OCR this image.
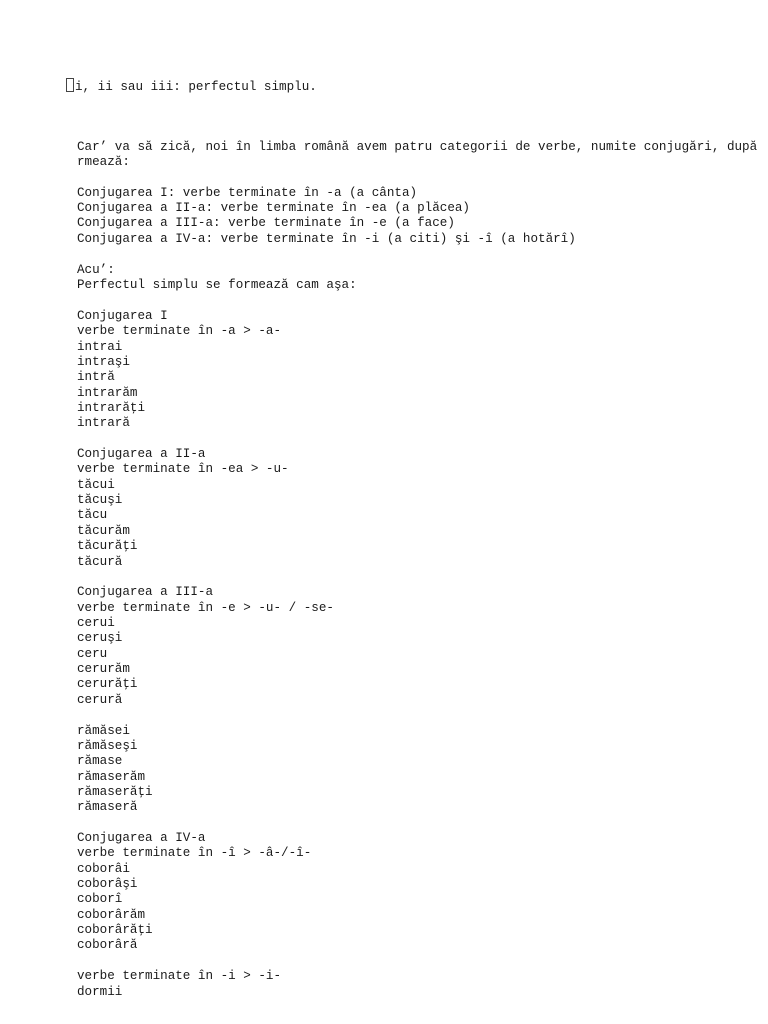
i, ii sau iii: perfectul simplu.
Car’ va să zică, noi în limba română avem patru categorii de verbe, numite conjugări, după
rmează:
Conjugarea I: verbe terminate în -a (a cânta)
Conjugarea a II-a: verbe terminate în -ea (a plăcea)
Conjugarea a III-a: verbe terminate în -e (a face)
Conjugarea a IV-a: verbe terminate în -i (a citi) şi -î (a hotărî)
Acu’:
Perfectul simplu se formează cam aşa:
Conjugarea I
verbe terminate în -a > -a-
intrai
intraşi
intră
intrarăm
intrarăţi
intrară
Conjugarea a II-a
verbe terminate în -ea > -u-
tăcui
tăcuşi
tăcu
tăcurăm
tăcurăţi
tăcură
Conjugarea a III-a
verbe terminate în -e > -u- / -se-
cerui
ceruşi
ceru
cerurăm
cerurăţi
cerură
rămăsei
rămăseşi
rămase
rămaserăm
rămaserăţi
rămaseră
Conjugarea a IV-a
verbe terminate în -î > -â-/-î-
coborâi
coborâşi
coborî
coborârăm
coborârăţi
coborâră
verbe terminate în -i > -i-
dormii
